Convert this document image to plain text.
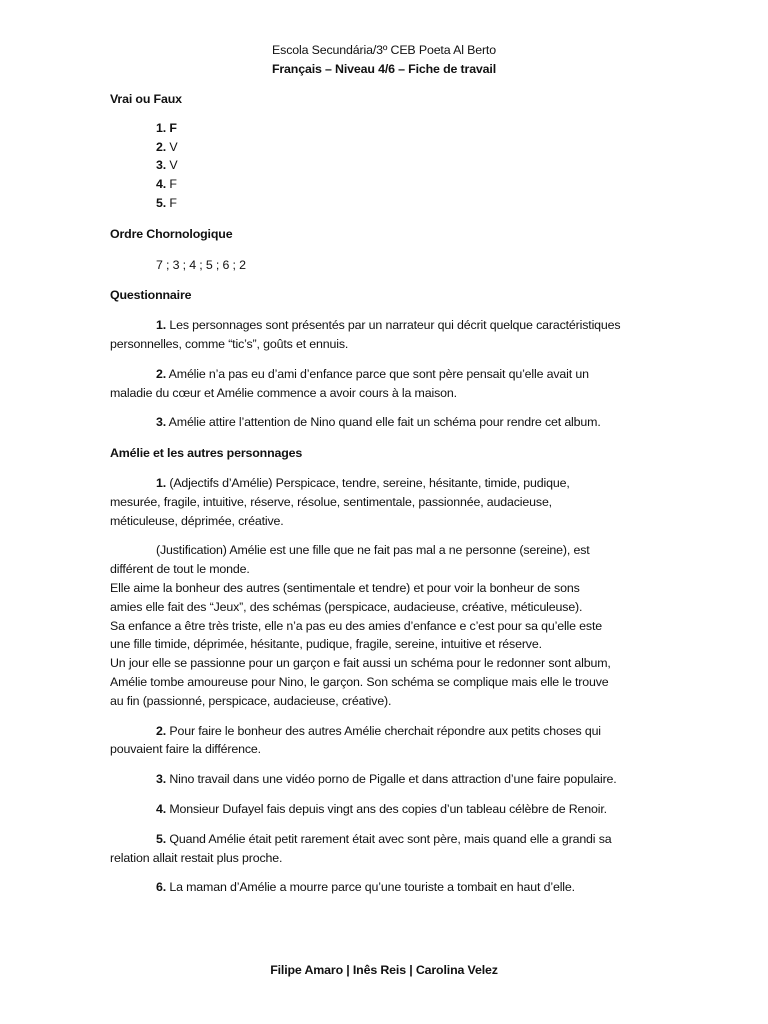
Escola Secundária/3º CEB Poeta Al Berto
Français – Niveau 4/6 – Fiche de travail
Vrai ou Faux
1. F
2. V
3. V
4. F
5. F
Ordre Chornologique
7 ; 3 ; 4 ; 5 ; 6 ; 2
Questionnaire

1. Les personnages sont présentés par un narrateur qui décrit quelque caractéristiques
personnelles, comme “tic’s”, goûts et ennuis.

2. Amélie n’a pas eu d’ami d’enfance parce que sont père pensait qu’elle avait un
maladie du cœur et Amélie commence a avoir cours à la maison.

3. Amélie attire l’attention de Nino quand elle fait un schéma pour rendre cet album.

Amélie et les autres personnages

1. (Adjectifs d’Amélie) Perspicace, tendre, sereine, hésitante, timide, pudique,
mesurée, fragile, intuitive, réserve, résolue, sentimentale, passionnée, audacieuse,
méticuleuse, déprimée, créative.

(Justification) Amélie est une fille que ne fait pas mal a ne personne (sereine), est
différent de tout le monde.
Elle aime la bonheur des autres (sentimentale et tendre) et pour voir la bonheur de sons
amies elle fait des “Jeux”, des schémas (perspicace, audacieuse, créative, méticuleuse).
Sa enfance a être très triste, elle n’a pas eu des amies d’enfance e c’est pour sa qu’elle este
une fille timide, déprimée, hésitante, pudique, fragile, sereine, intuitive et réserve.
Un jour elle se passionne pour un garçon e fait aussi un schéma pour le redonner sont album,
Amélie tombe amoureuse pour Nino, le garçon. Son schéma se complique mais elle le trouve
au fin (passionné, perspicace, audacieuse, créative).

2. Pour faire le bonheur des autres Amélie cherchait répondre aux petits choses qui
pouvaient faire la différence.

3. Nino travail dans une vidéo porno de Pigalle et dans attraction d’une faire populaire.

4. Monsieur Dufayel fais depuis vingt ans des copies d’un tableau célèbre de Renoir.

5. Quand Amélie était petit rarement était avec sont père, mais quand elle a grandi sa
relation allait restait plus proche.

6. La maman d’Amélie a mourre parce qu’une touriste a tombait en haut d’elle.

Filipe Amaro | Inês Reis | Carolina Velez
